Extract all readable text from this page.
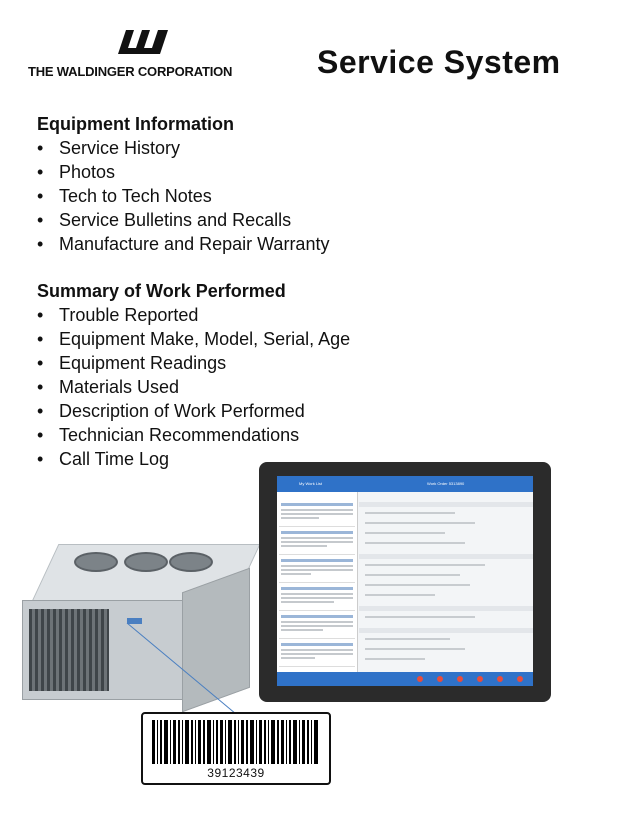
THE WALDINGER CORPORATION	Service System
Equipment Information
• Service History
• Photos
• Tech to Tech Notes
• Service Bulletins and Recalls
• Manufacture and Repair Warranty
Summary of Work Performed
• Trouble Reported
• Equipment Make, Model, Serial, Age
• Equipment Readings
• Materials Used
• Description of Work Performed
• Technician Recommendations
• Call Time Log
My Work List	Work Order 5313890
39123439
